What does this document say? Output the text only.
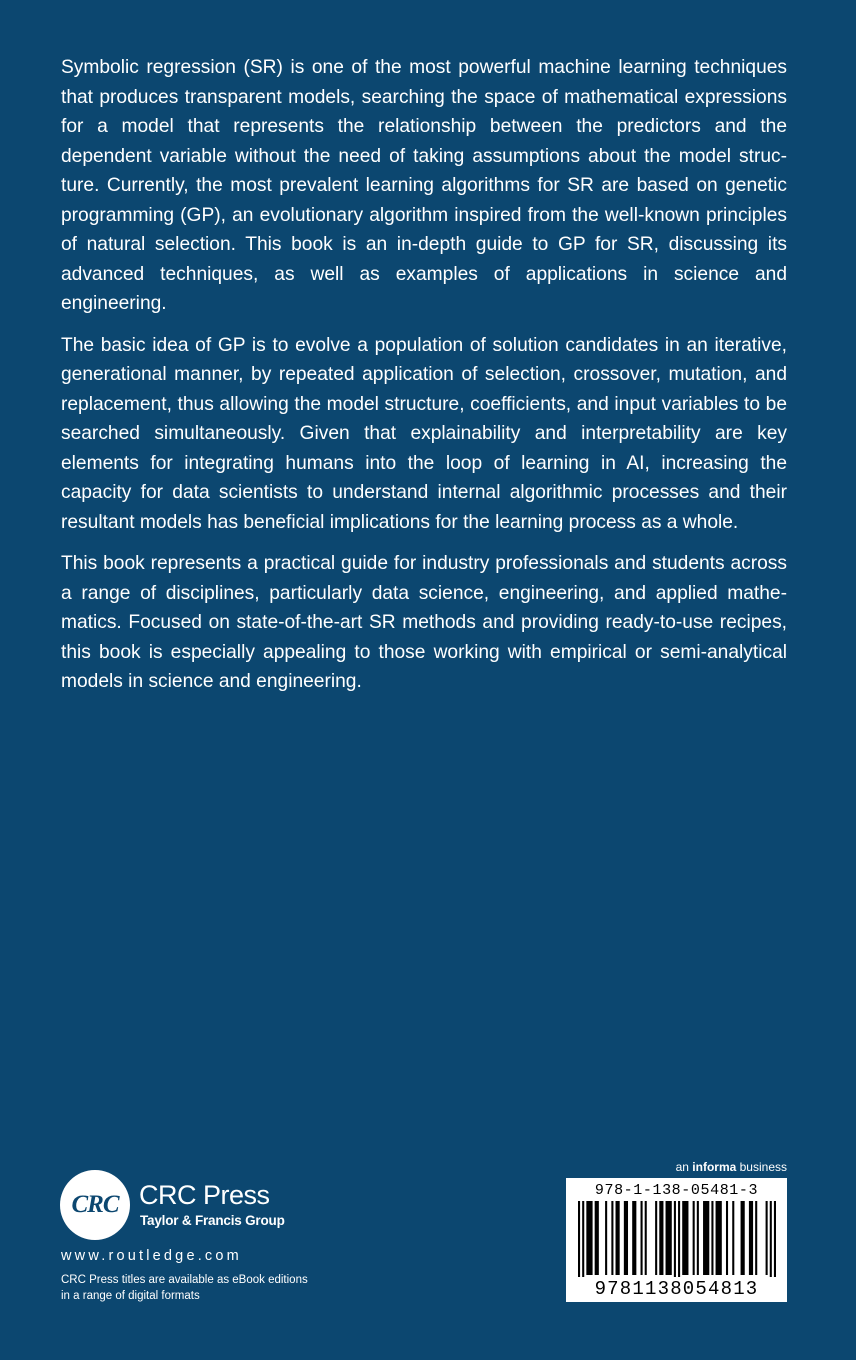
Symbolic regression (SR) is one of the most powerful machine learning techniques that produces transparent models, searching the space of mathematical expressions for a model that represents the relationship between the predictors and the dependent variable without the need of taking assumptions about the model structure. Currently, the most prevalent learning algorithms for SR are based on genetic programming (GP), an evolutionary algorithm inspired from the well-known principles of natural selection. This book is an in-depth guide to GP for SR, discussing its advanced techniques, as well as examples of applications in science and engineering.

The basic idea of GP is to evolve a population of solution candidates in an iterative, generational manner, by repeated application of selection, crossover, mutation, and replacement, thus allowing the model structure, coefficients, and input variables to be searched simultaneously. Given that explainability and interpretability are key elements for integrating humans into the loop of learning in AI, increasing the capacity for data scientists to understand internal algorithmic processes and their resultant models has beneficial implications for the learning process as a whole.

This book represents a practical guide for industry professionals and students across a range of disciplines, particularly data science, engineering, and applied mathematics. Focused on state-of-the-art SR methods and providing ready-to-use recipes, this book is especially appealing to those working with empirical or semi-analytical models in science and engineering.

CRC CRC Press
Taylor & Francis Group
www.routledge.com
CRC Press titles are available as eBook editions
in a range of digital formats
an informa business
978-1-138-05481-3
9781138054813
